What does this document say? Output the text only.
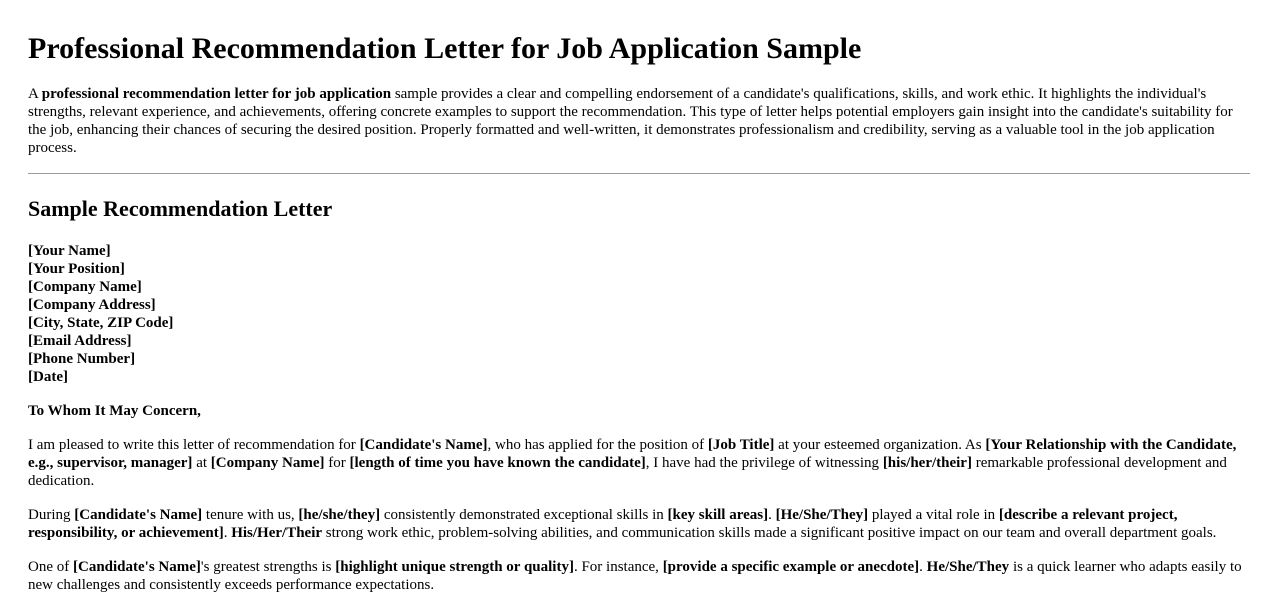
Professional Recommendation Letter for Job Application Sample

A professional recommendation letter for job application sample provides a clear and compelling endorsement of a candidate's qualifications, skills, and work ethic. It highlights the individual's strengths, relevant experience, and achievements, offering concrete examples to support the recommendation. This type of letter helps potential employers gain insight into the candidate's suitability for the job, enhancing their chances of securing the desired position. Properly formatted and well-written, it demonstrates professionalism and credibility, serving as a valuable tool in the job application process.

Sample Recommendation Letter
[Your Name]
[Your Position]
[Company Name]
[Company Address]
[City, State, ZIP Code]
[Email Address]
[Phone Number]
[Date]

To Whom It May Concern,

I am pleased to write this letter of recommendation for [Candidate's Name], who has applied for the position of [Job Title] at your esteemed organization. As [Your Relationship with the Candidate, e.g., supervisor, manager] at [Company Name] for [length of time you have known the candidate], I have had the privilege of witnessing [his/her/their] remarkable professional development and dedication.

During [Candidate's Name] tenure with us, [he/she/they] consistently demonstrated exceptional skills in [key skill areas]. [He/She/They] played a vital role in [describe a relevant project, responsibility, or achievement]. His/Her/Their strong work ethic, problem-solving abilities, and communication skills made a significant positive impact on our team and overall department goals.

One of [Candidate's Name]'s greatest strengths is [highlight unique strength or quality]. For instance, [provide a specific example or anecdote]. He/She/They is a quick learner who adapts easily to new challenges and consistently exceeds performance expectations.
